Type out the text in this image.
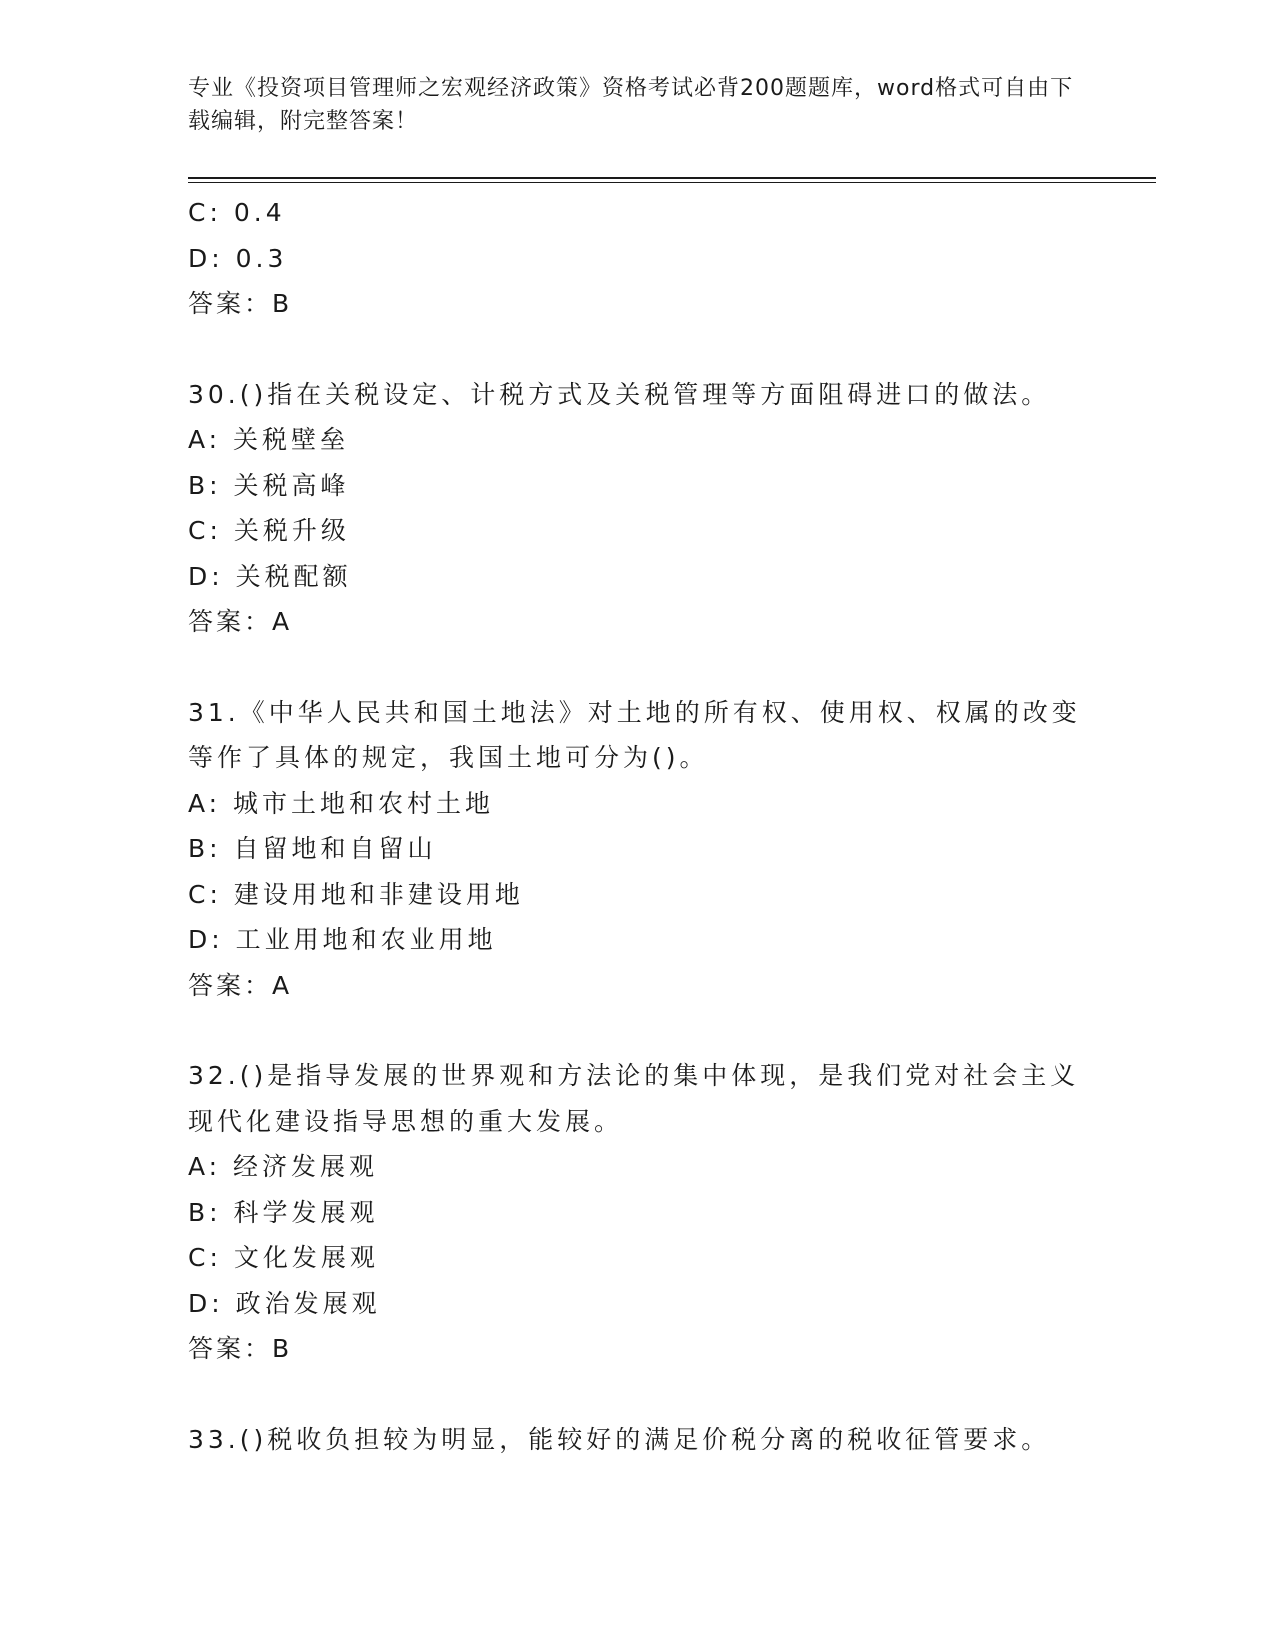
专业《投资项目管理师之宏观经济政策》资格考试必背200题题库，word格式可自由下载编辑，附完整答案！
C: 0.4
D: 0.3
答案：B
30.()指在关税设定、计税方式及关税管理等方面阻碍进口的做法。
A: 关税壁垒
B: 关税高峰
C: 关税升级
D: 关税配额
答案：A
31.《中华人民共和国土地法》对土地的所有权、使用权、权属的改变
等作了具体的规定，我国土地可分为()。
A: 城市土地和农村土地
B: 自留地和自留山
C: 建设用地和非建设用地
D: 工业用地和农业用地
答案：A
32.()是指导发展的世界观和方法论的集中体现，是我们党对社会主义
现代化建设指导思想的重大发展。
A: 经济发展观
B: 科学发展观
C: 文化发展观
D: 政治发展观
答案：B
33.()税收负担较为明显，能较好的满足价税分离的税收征管要求。
